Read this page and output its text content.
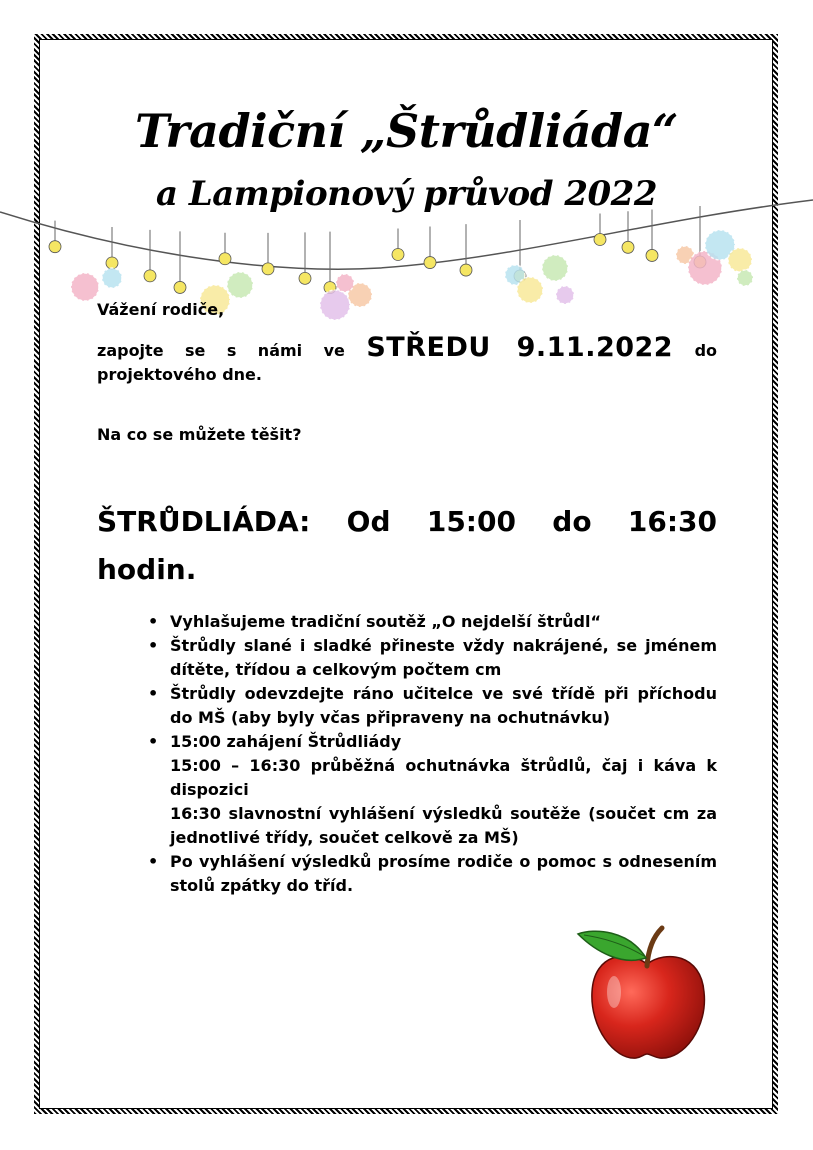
Tradiční „Štrůdliáda“
a Lampionový průvod 2022
Vážení rodiče,
zapojte se s námi ve STŘEDU 9.11.2022 do projektového dne.
Na co se můžete těšit?
ŠTRŮDLIÁDA: Od 15:00 do 16:30 hodin.
• Vyhlašujeme tradiční soutěž „O nejdelší štrůdl“
• Štrůdly slané i sladké přineste vždy nakrájené, se jménem dítěte, třídou a celkovým počtem cm
• Štrůdly odevzdejte ráno učitelce ve své třídě při příchodu do MŠ (aby byly včas připraveny na ochutnávku)
• 15:00 zahájení Štrůdliády
15:00 – 16:30 průběžná ochutnávka štrůdlů, čaj i káva k dispozici
16:30 slavnostní vyhlášení výsledků soutěže (součet cm za jednotlivé třídy, součet celkově za MŠ)
• Po vyhlášení výsledků prosíme rodiče o pomoc s odnesením stolů zpátky do tříd.
